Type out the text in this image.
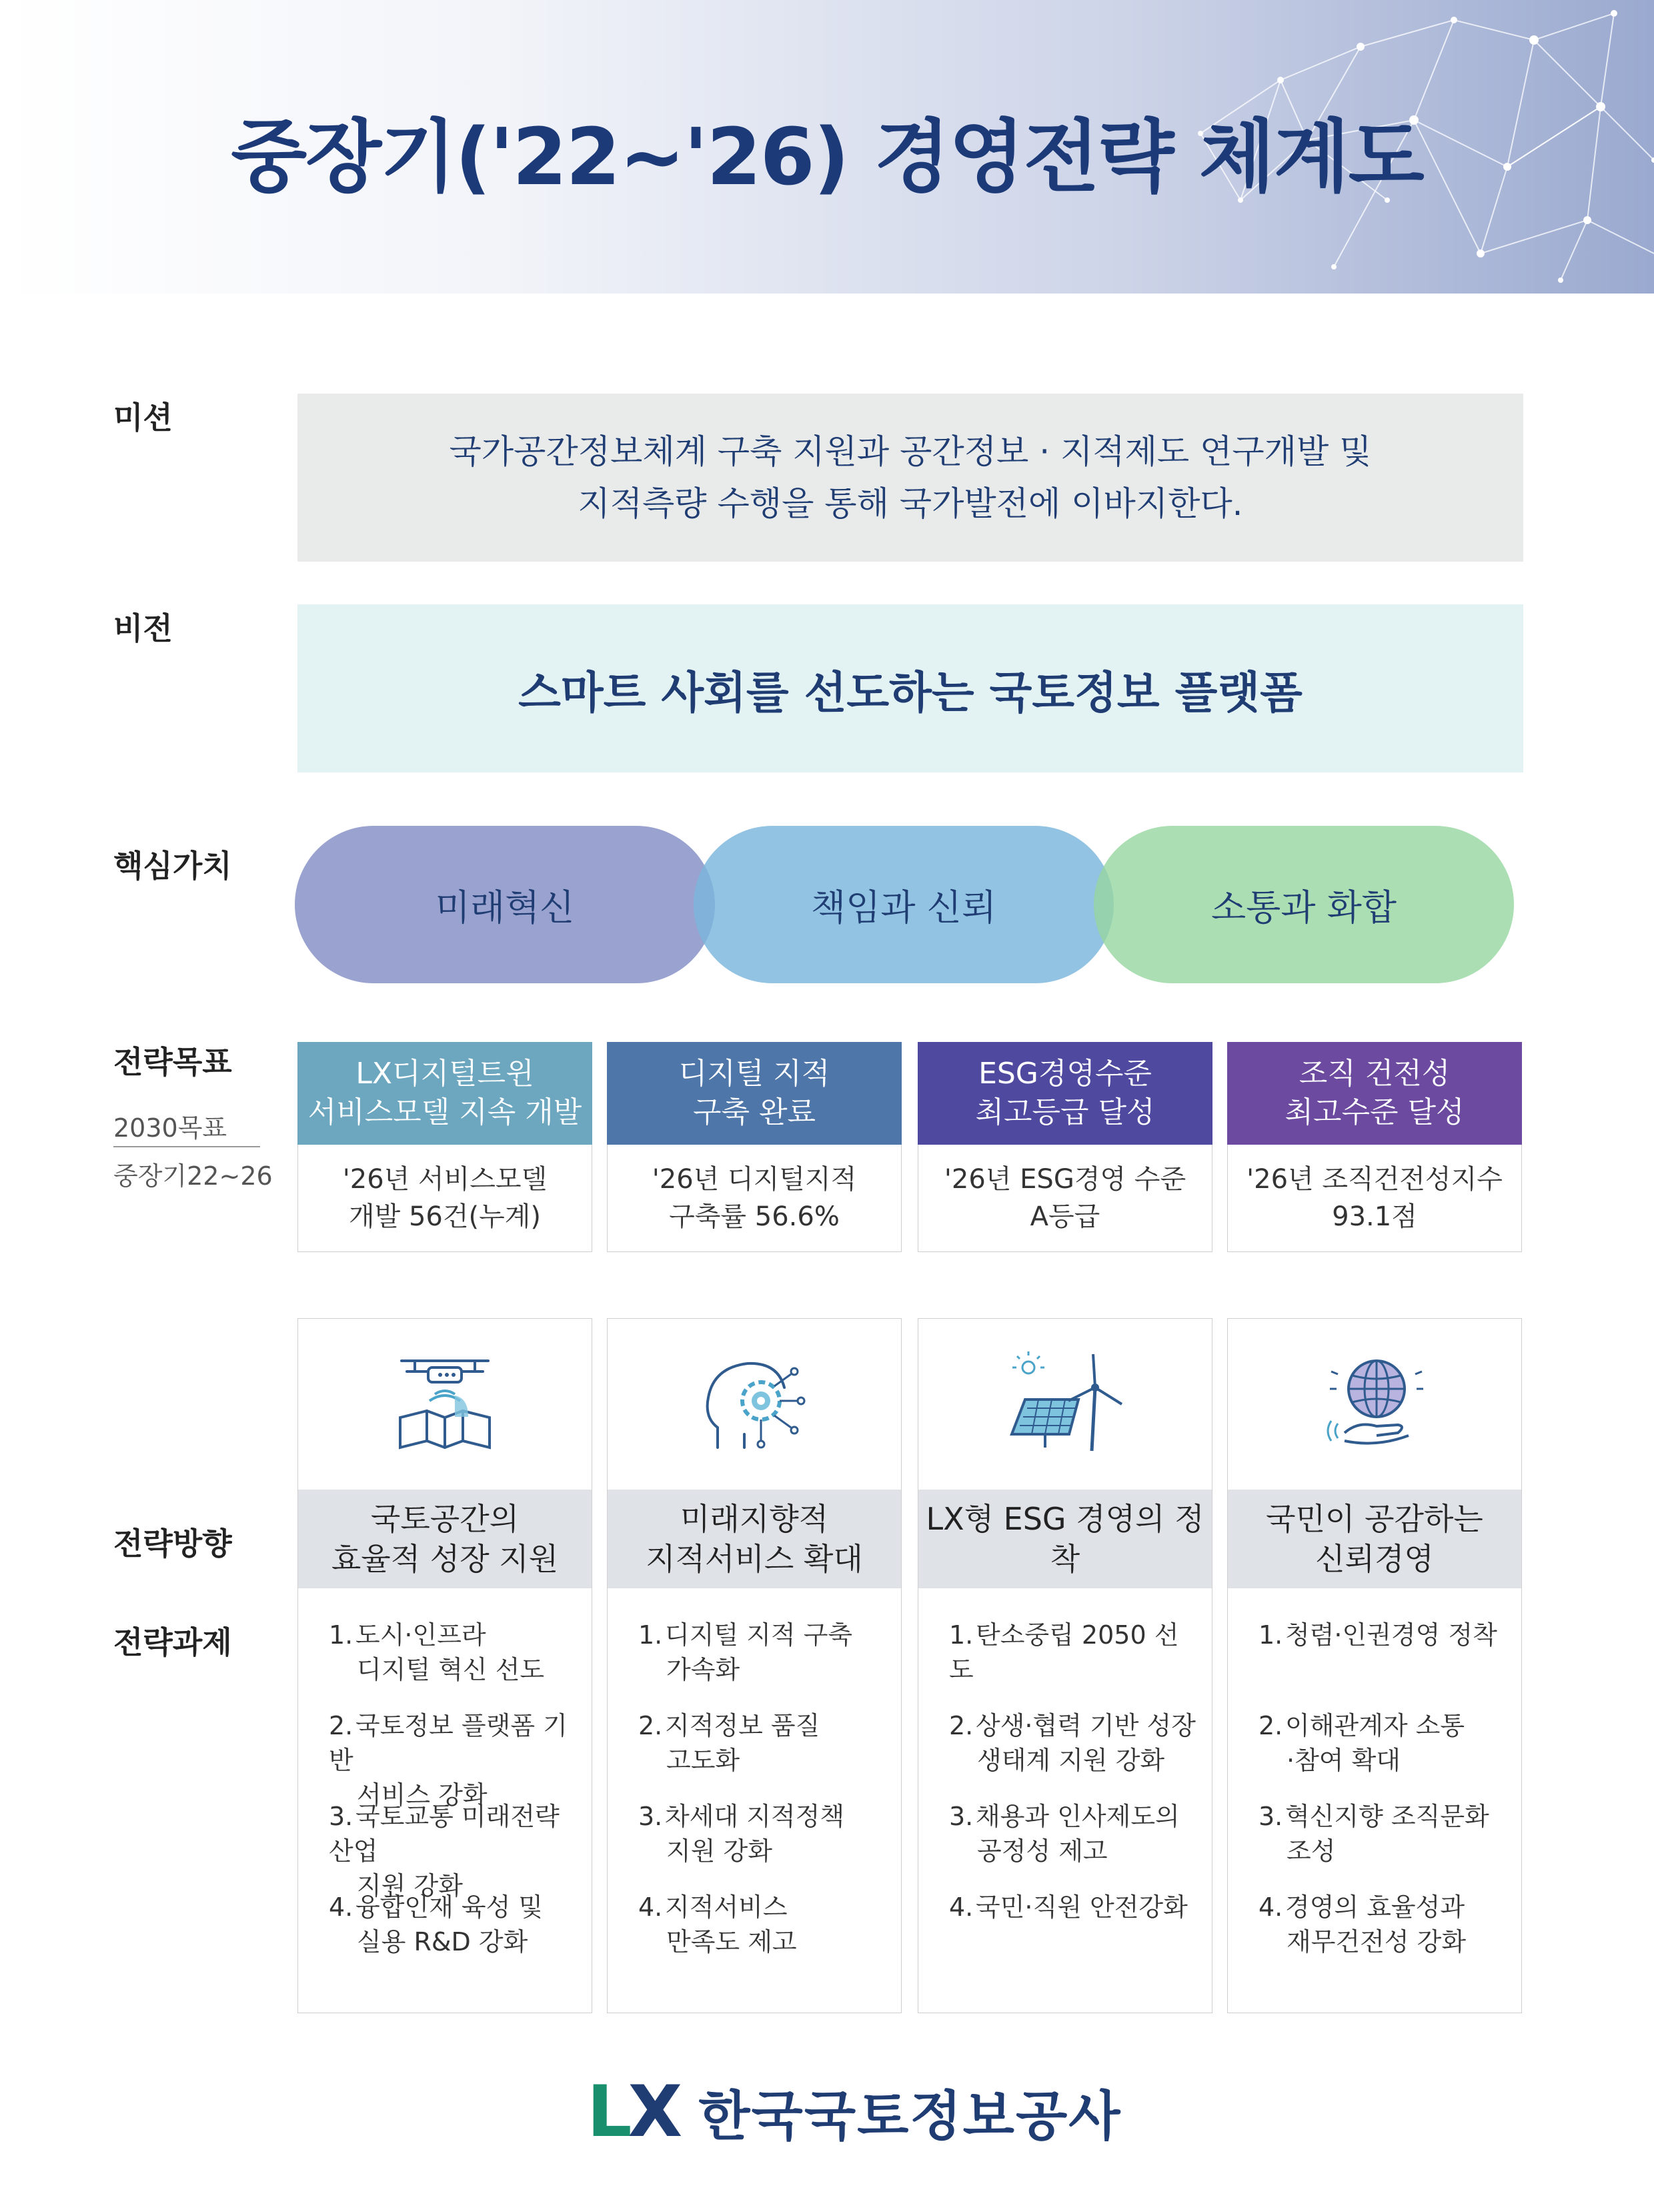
중장기('22~'26) 경영전략 체계도
미션
비전
핵심가치
전략목표
2030목표
중장기22~26
전략방향
전략과제
국가공간정보체계 구축 지원과 공간정보 · 지적제도 연구개발 및
지적측량 수행을 통해 국가발전에 이바지한다.
스마트 사회를 선도하는 국토정보 플랫폼
미래혁신	책임과 신뢰	소통과 화합
LX디지털트윈
서비스모델 지속 개발
'26년 서비스모델
개발 56건(누계)
디지털 지적
구축 완료
'26년 디지털지적
구축률 56.6%
ESG경영수준
최고등급 달성
'26년 ESG경영 수준
A등급
조직 건전성
최고수준 달성
'26년 조직건전성지수
93.1점
국토공간의
효율적 성장 지원
1.도시·인프라
디지털 혁신 선도
2.국토정보 플랫폼 기반
서비스 강화
3.국토교통 미래전략산업
지원 강화
4.융합인재 육성 및
실용 R&D 강화
미래지향적
지적서비스 확대
1.디지털 지적 구축
가속화
2.지적정보 품질
고도화
3.차세대 지적정책
지원 강화
4.지적서비스
만족도 제고
LX형 ESG 경영의 정착
1.탄소중립 2050 선도
2.상생·협력 기반 성장
생태계 지원 강화
3.채용과 인사제도의
공정성 제고
4.국민·직원 안전강화
국민이 공감하는
신뢰경영
1.청렴·인권경영 정착
2.이해관계자 소통
·참여 확대
3.혁신지향 조직문화
조성
4.경영의 효율성과
재무건전성 강화
LX 한국국토정보공사
